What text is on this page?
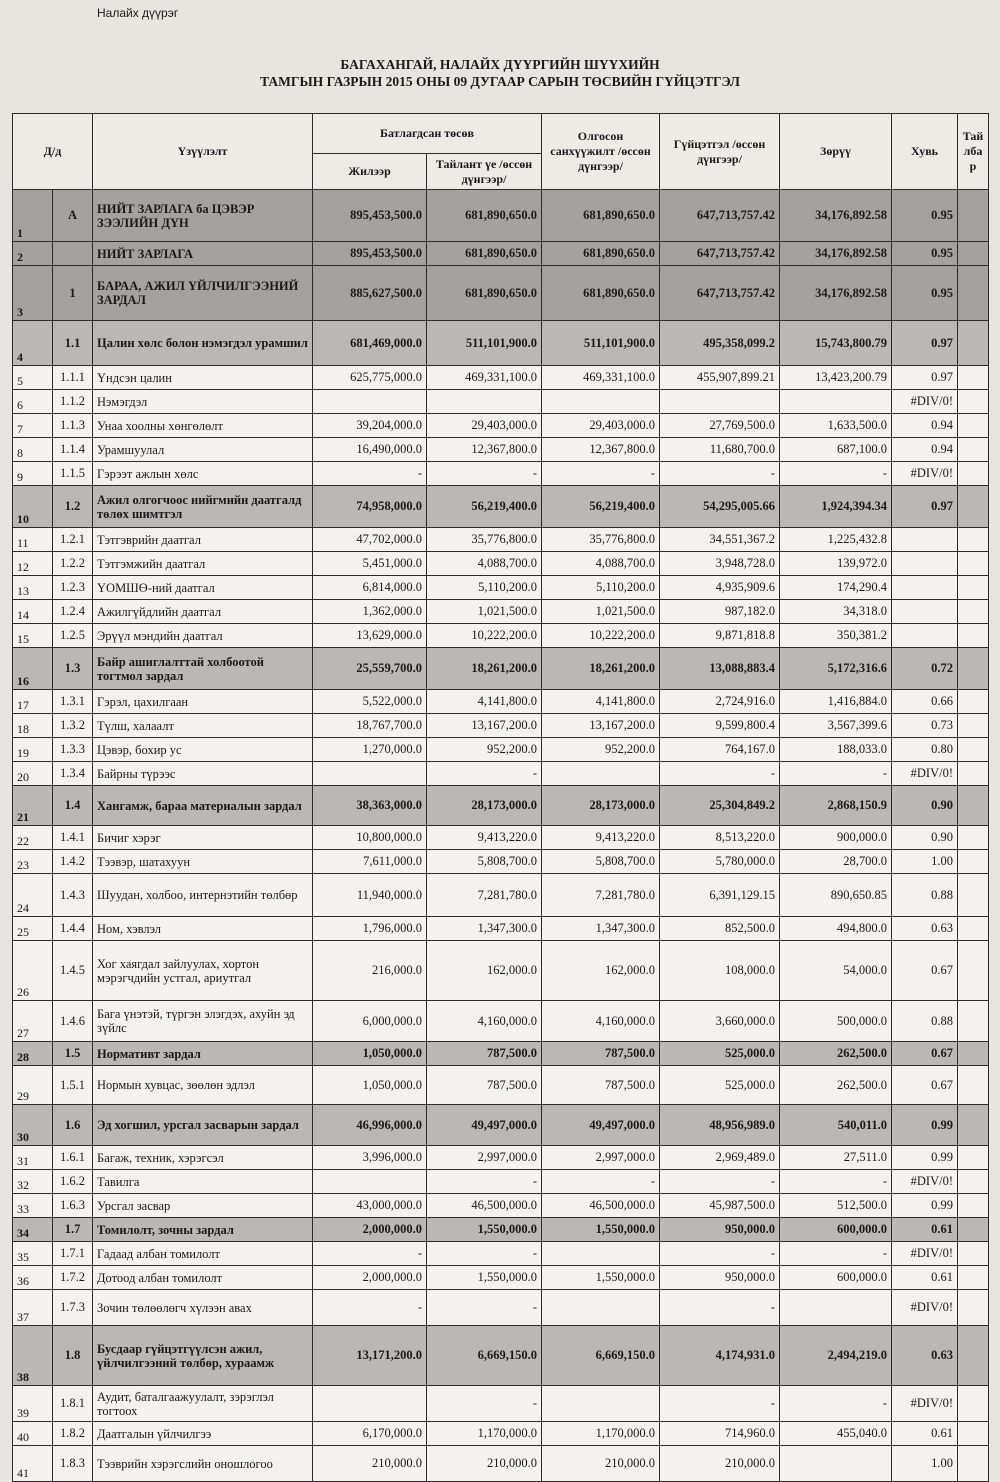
Налайх дүүрэг
БАГАХАНГАЙ, НАЛАЙХ ДҮҮРГИЙН ШҮҮХИЙН
ТАМГЫН ГАЗРЫН 2015 ОНЫ 09 ДУГААР САРЫН ТӨСВИЙН ГҮЙЦЭТГЭЛ
Д/д		Үзүүлэлт	Батлагдсан төсөв		Олгосон санхүүжилт /өссөн дүнгээр/	Гүйцэтгэл /өссөн дүнгээр/	Зөрүү	Хувь	Тай лба р
			Жилээр	Тайлант үе /өссөн дүнгээр/					
1	А	НИЙТ ЗАРЛАГА ба ЦЭВЭР ЗЭЭЛИЙН ДҮН	895,453,500.0	681,890,650.0	681,890,650.0	647,713,757.42	34,176,892.58	0.95	
2		НИЙТ ЗАРЛАГА	895,453,500.0	681,890,650.0	681,890,650.0	647,713,757.42	34,176,892.58	0.95	
3	1	БАРАА, АЖИЛ ҮЙЛЧИЛГЭЭНИЙ ЗАРДАЛ	885,627,500.0	681,890,650.0	681,890,650.0	647,713,757.42	34,176,892.58	0.95	
4	1.1	Цалин хөлс болон нэмэгдэл урамшил	681,469,000.0	511,101,900.0	511,101,900.0	495,358,099.2	15,743,800.79	0.97	
5	1.1.1	Үндсэн цалин	625,775,000.0	469,331,100.0	469,331,100.0	455,907,899.21	13,423,200.79	0.97	
6	1.1.2	Нэмэгдэл						#DIV/0!	
7	1.1.3	Унаа хоолны хөнгөлөлт	39,204,000.0	29,403,000.0	29,403,000.0	27,769,500.0	1,633,500.0	0.94	
8	1.1.4	Урамшуулал	16,490,000.0	12,367,800.0	12,367,800.0	11,680,700.0	687,100.0	0.94	
9	1.1.5	Гэрээт ажлын хөлс	-	-	-	-	-	#DIV/0!	
10	1.2	Ажил олгогчоос нийгмийн даатгалд төлөх шимтгэл	74,958,000.0	56,219,400.0	56,219,400.0	54,295,005.66	1,924,394.34	0.97	
11	1.2.1	Тэтгэврийн даатгал	47,702,000.0	35,776,800.0	35,776,800.0	34,551,367.2	1,225,432.8		
12	1.2.2	Тэтгэмжийн даатгал	5,451,000.0	4,088,700.0	4,088,700.0	3,948,728.0	139,972.0		
13	1.2.3	ҮОМШӨ-ний даатгал	6,814,000.0	5,110,200.0	5,110,200.0	4,935,909.6	174,290.4		
14	1.2.4	Ажилгүйдлийн даатгал	1,362,000.0	1,021,500.0	1,021,500.0	987,182.0	34,318.0		
15	1.2.5	Эрүүл мэндийн даатгал	13,629,000.0	10,222,200.0	10,222,200.0	9,871,818.8	350,381.2		
16	1.3	Байр ашиглалттай холбоотой тогтмол зардал	25,559,700.0	18,261,200.0	18,261,200.0	13,088,883.4	5,172,316.6	0.72	
17	1.3.1	Гэрэл, цахилгаан	5,522,000.0	4,141,800.0	4,141,800.0	2,724,916.0	1,416,884.0	0.66	
18	1.3.2	Түлш, халаалт	18,767,700.0	13,167,200.0	13,167,200.0	9,599,800.4	3,567,399.6	0.73	
19	1.3.3	Цэвэр, бохир ус	1,270,000.0	952,200.0	952,200.0	764,167.0	188,033.0	0.80	
20	1.3.4	Байрны түрээс		-		-	-	#DIV/0!	
21	1.4	Хангамж, бараа материалын зардал	38,363,000.0	28,173,000.0	28,173,000.0	25,304,849.2	2,868,150.9	0.90	
22	1.4.1	Бичиг хэрэг	10,800,000.0	9,413,220.0	9,413,220.0	8,513,220.0	900,000.0	0.90	
23	1.4.2	Тээвэр, шатахуун	7,611,000.0	5,808,700.0	5,808,700.0	5,780,000.0	28,700.0	1.00	
24	1.4.3	Шуудан, холбоо, интернэтийн төлбөр	11,940,000.0	7,281,780.0	7,281,780.0	6,391,129.15	890,650.85	0.88	
25	1.4.4	Ном, хэвлэл	1,796,000.0	1,347,300.0	1,347,300.0	852,500.0	494,800.0	0.63	
26	1.4.5	Хог хаягдал зайлуулах, хортон мэрэгчдийн устгал, ариутгал	216,000.0	162,000.0	162,000.0	108,000.0	54,000.0	0.67	
27	1.4.6	Бага үнэтэй, түргэн элэгдэх, ахуйн эд зүйлс	6,000,000.0	4,160,000.0	4,160,000.0	3,660,000.0	500,000.0	0.88	
28	1.5	Нормативт зардал	1,050,000.0	787,500.0	787,500.0	525,000.0	262,500.0	0.67	
29	1.5.1	Нормын хувцас, зөөлөн эдлэл	1,050,000.0	787,500.0	787,500.0	525,000.0	262,500.0	0.67	
30	1.6	Эд хогшил, урсгал засварын зардал	46,996,000.0	49,497,000.0	49,497,000.0	48,956,989.0	540,011.0	0.99	
31	1.6.1	Багаж, техник, хэрэгсэл	3,996,000.0	2,997,000.0	2,997,000.0	2,969,489.0	27,511.0	0.99	
32	1.6.2	Тавилга		-	-	-	-	#DIV/0!	
33	1.6.3	Урсгал засвар	43,000,000.0	46,500,000.0	46,500,000.0	45,987,500.0	512,500.0	0.99	
34	1.7	Томилолт, зочны зардал	2,000,000.0	1,550,000.0	1,550,000.0	950,000.0	600,000.0	0.61	
35	1.7.1	Гадаад албан томилолт	-	-		-	-	#DIV/0!	
36	1.7.2	Дотоод албан томилолт	2,000,000.0	1,550,000.0	1,550,000.0	950,000.0	600,000.0	0.61	
37	1.7.3	Зочин төлөөлөгч хүлээн авах	-	-		-		#DIV/0!	
38	1.8	Бусдаар гүйцэтгүүлсэн ажил, үйлчилгээний төлбөр, хураамж	13,171,200.0	6,669,150.0	6,669,150.0	4,174,931.0	2,494,219.0	0.63	
39	1.8.1	Аудит, баталгаажуулалт, зэрэглэл тогтоох		-		-	-	#DIV/0!	
40	1.8.2	Даатгалын үйлчилгээ	6,170,000.0	1,170,000.0	1,170,000.0	714,960.0	455,040.0	0.61	
41	1.8.3	Тээврийн хэрэгслийн оношлогоо	210,000.0	210,000.0	210,000.0	210,000.0		1.00	
